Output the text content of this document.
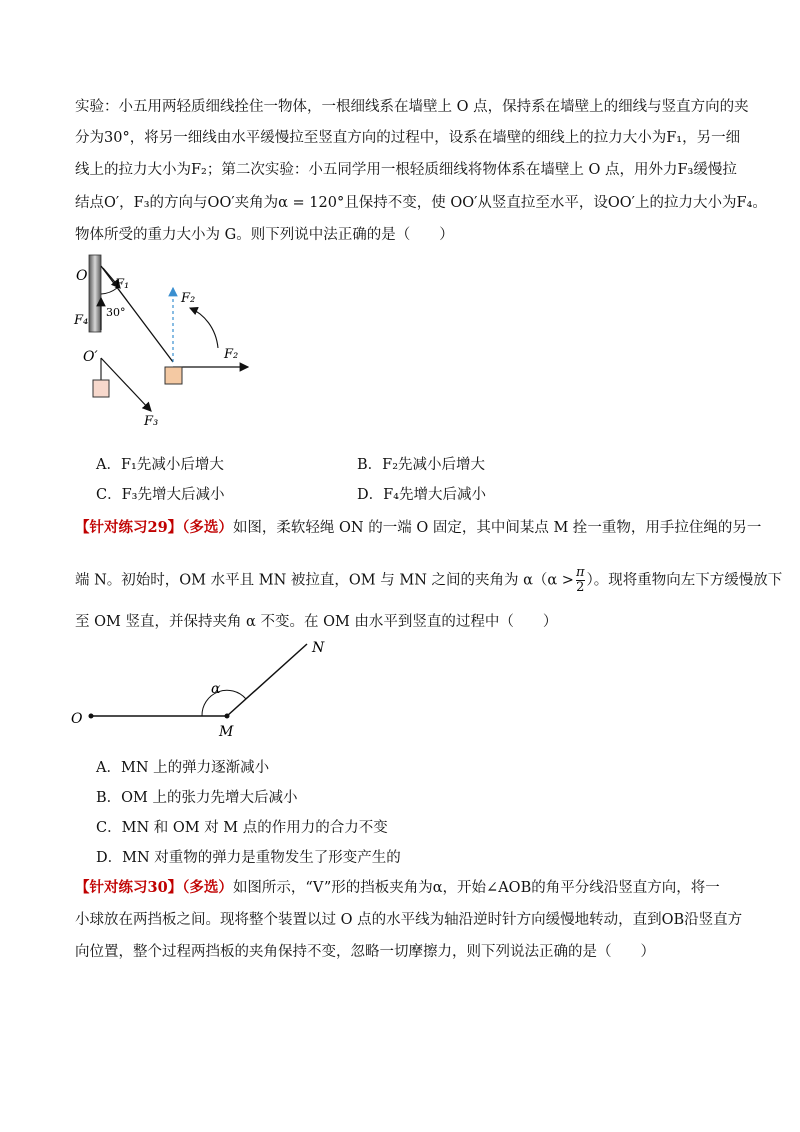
实验：小五用两轻质细线拴住一物体，一根细线系在墙壁上 O 点，保持系在墙壁上的细线与竖直方向的夹
分为30°，将另一细线由水平缓慢拉至竖直方向的过程中，设系在墙壁的细线上的拉力大小为F₁，另一细
线上的拉力大小为F₂；第二次实验：小五同学用一根轻质细线将物体系在墙壁上 O 点，用外力F₃缓慢拉
结点O′，F₃的方向与OO′夹角为α = 120°且保持不变，使 OO′从竖直拉至水平，设OO′上的拉力大小为F₄。
物体所受的重力大小为 G。则下列说中法正确的是（　　）
O
F₁
30°
F₄
O′
F₃
F₂
F₂
A．F₁先减小后增大	B．F₂先减小后增大
C．F₃先增大后减小	D．F₄先增大后减小
【针对练习29】（多选）如图，柔软轻绳 ON 的一端 O 固定，其中间某点 M 拴一重物，用手拉住绳的另一
端 N。初始时，OM 水平且 MN 被拉直，OM 与 MN 之间的夹角为 $\alpha(\alpha > \frac{\pi}{2}$ ）。现将重物向左下方缓慢放下
至 OM 竖直，并保持夹角 α 不变。在 OM 由水平到竖直的过程中（　　）
O
M
N
α
A．MN 上的弹力逐渐减小
B．OM 上的张力先增大后减小
C．MN 和 OM 对 M 点的作用力的合力不变
D．MN 对重物的弹力是重物发生了形变产生的
【针对练习30】（多选）如图所示，“V”形的挡板夹角为α，开始∠AOB的角平分线沿竖直方向，将一
小球放在两挡板之间。现将整个装置以过 O 点的水平线为轴沿逆时针方向缓慢地转动，直到OB沿竖直方
向位置，整个过程两挡板的夹角保持不变，忽略一切摩擦力，则下列说法正确的是（　　）
